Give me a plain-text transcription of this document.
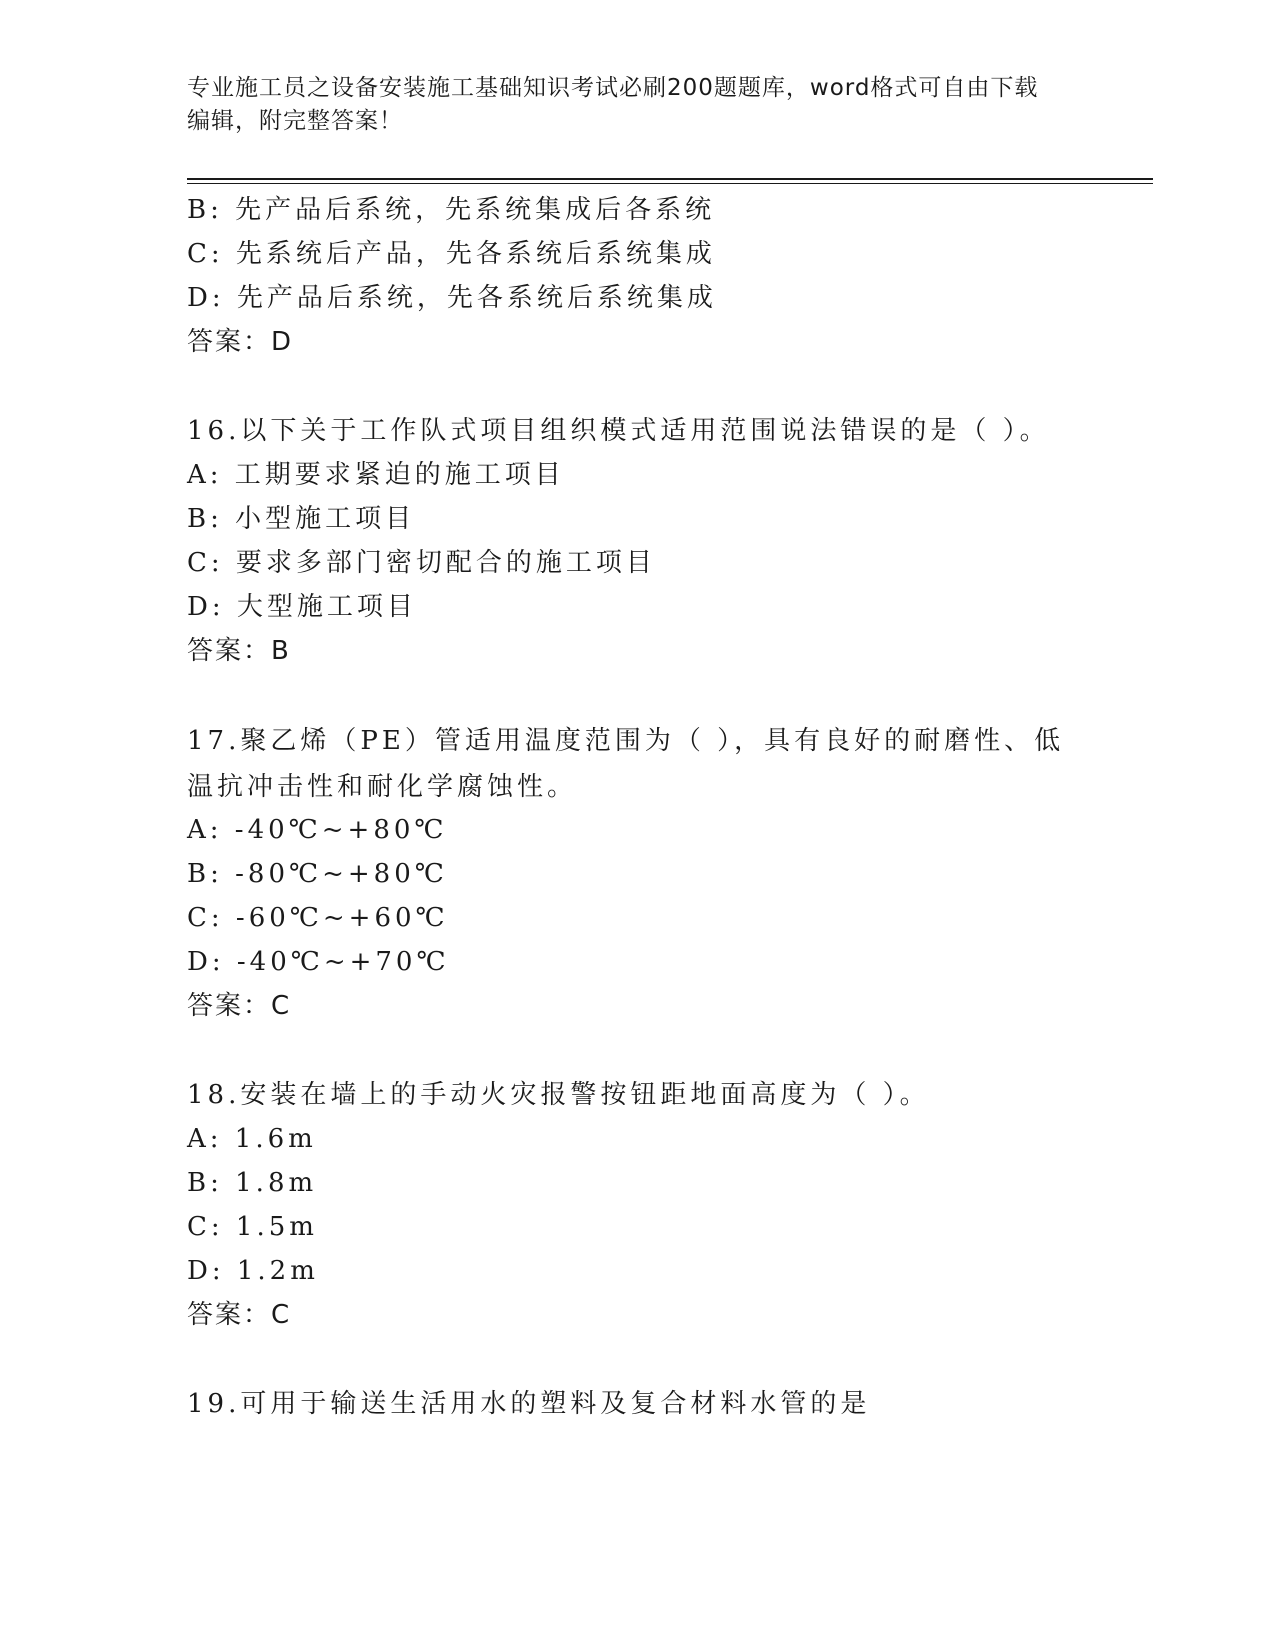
专业施工员之设备安装施工基础知识考试必刷200题题库，word格式可自由下载
编辑，附完整答案！
B: 先产品后系统，先系统集成后各系统
C: 先系统后产品，先各系统后系统集成
D: 先产品后系统，先各系统后系统集成
答案：D
16.以下关于工作队式项目组织模式适用范围说法错误的是（ ）。
A: 工期要求紧迫的施工项目
B: 小型施工项目
C: 要求多部门密切配合的施工项目
D: 大型施工项目
答案：B
17.聚乙烯（PE）管适用温度范围为（ ），具有良好的耐磨性、低温抗冲击性和耐化学腐蚀性。
A: -40℃~+80℃
B: -80℃~+80℃
C: -60℃~+60℃
D: -40℃~+70℃
答案：C
18.安装在墙上的手动火灾报警按钮距地面高度为（ ）。
A: 1.6m
B: 1.8m
C: 1.5m
D: 1.2m
答案：C
19.可用于输送生活用水的塑料及复合材料水管的是
